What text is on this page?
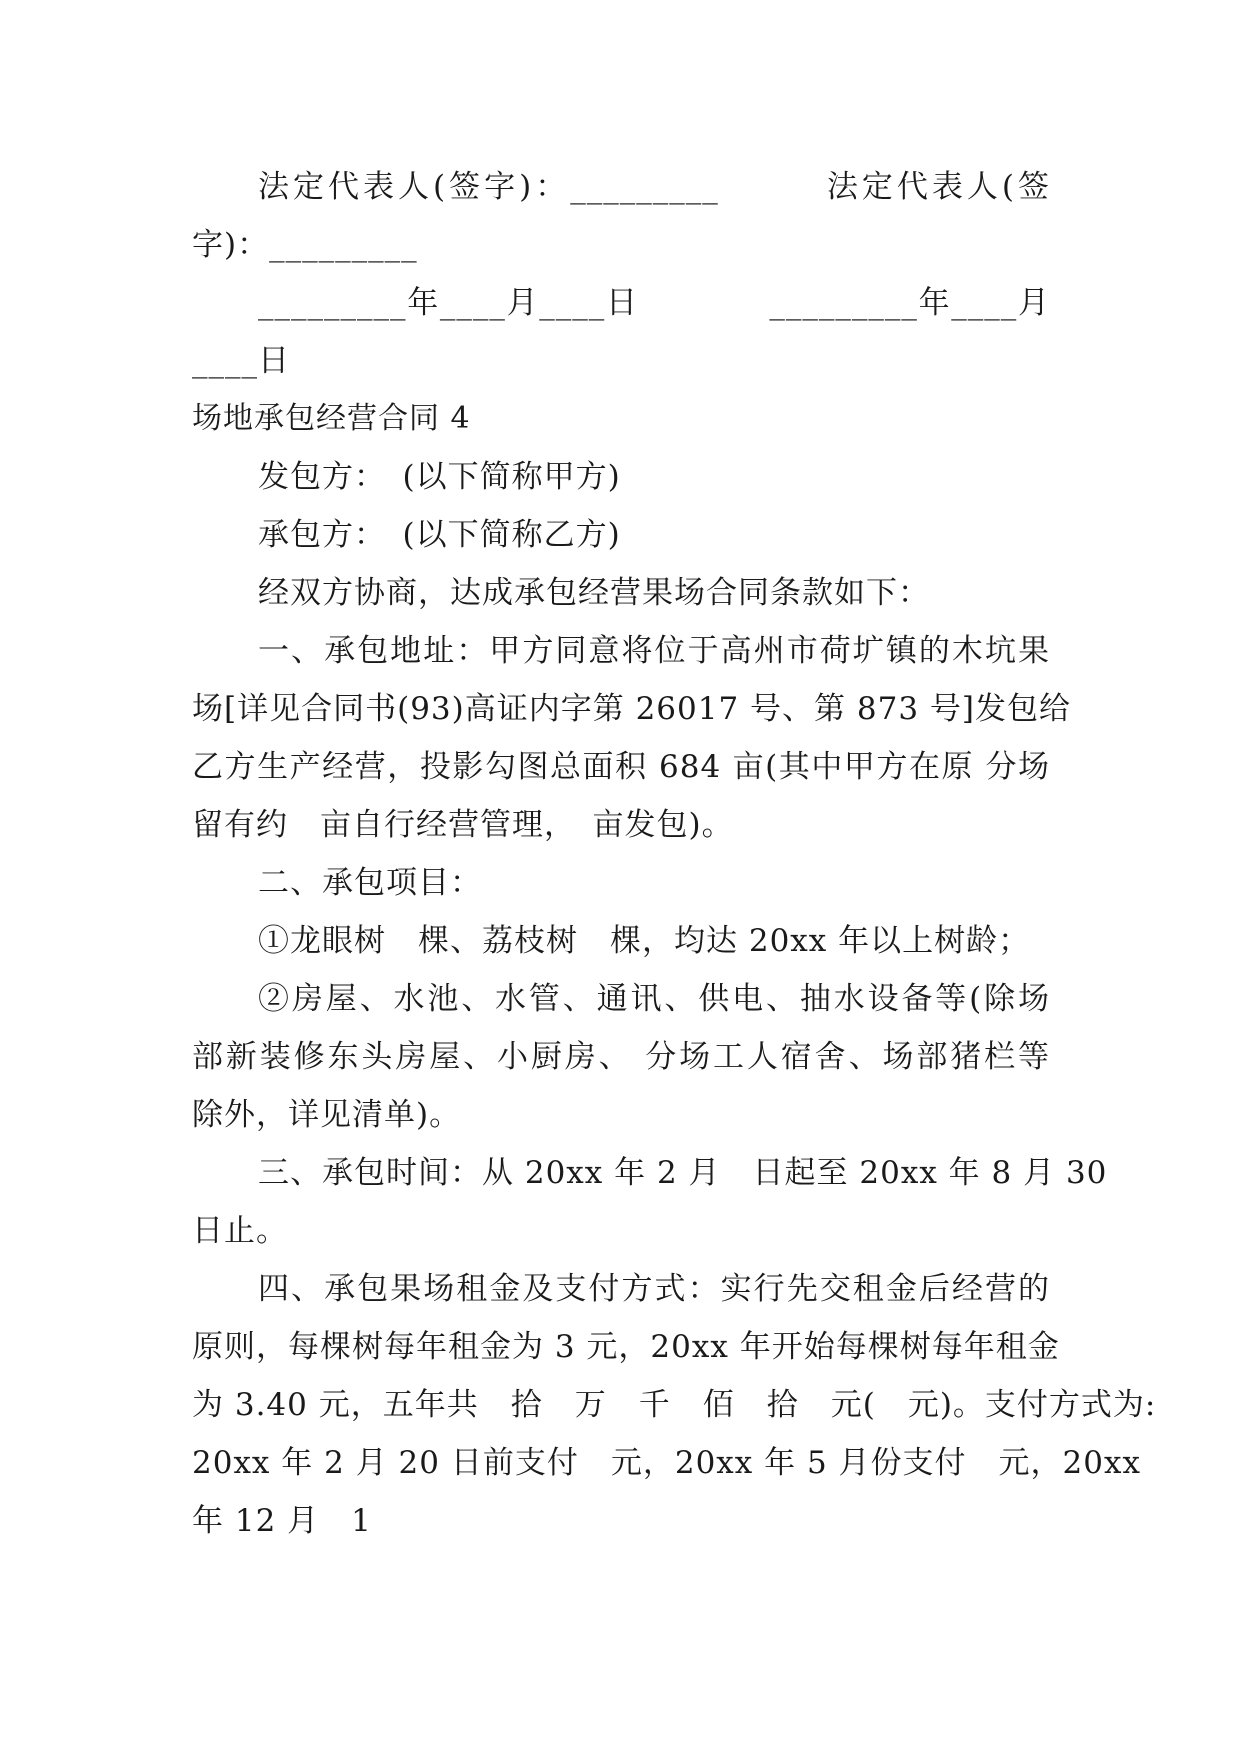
法定代表人(签字)：_________　　　法定代表人(签
字)：_________
_________年____月____日　　　　_________年____月
____日
场地承包经营合同 4
发包方：　(以下简称甲方)
承包方：　(以下简称乙方)
经双方协商，达成承包经营果场合同条款如下：
一、承包地址：甲方同意将位于高州市荷圹镇的木坑果
场[详见合同书(93)高证内字第 26017 号、第 873 号]发包给
乙方生产经营，投影勾图总面积 684 亩(其中甲方在原 分场
留有约　亩自行经营管理，　亩发包)。
二、承包项目：
①龙眼树　棵、荔枝树　棵，均达 20xx 年以上树龄；
②房屋、水池、水管、通讯、供电、抽水设备等(除场
部新装修东头房屋、小厨房、 分场工人宿舍、场部猪栏等
除外，详见清单)。
三、承包时间：从 20xx 年 2 月　日起至 20xx 年 8 月 30
日止。
四、承包果场租金及支付方式：实行先交租金后经营的
原则，每棵树每年租金为 3 元，20xx 年开始每棵树每年租金
为 3.40 元，五年共　拾　万　千　佰　拾　元(　元)。支付方式为:
20xx 年 2 月 20 日前支付　元，20xx 年 5 月份支付　元，20xx
年 12 月　1
